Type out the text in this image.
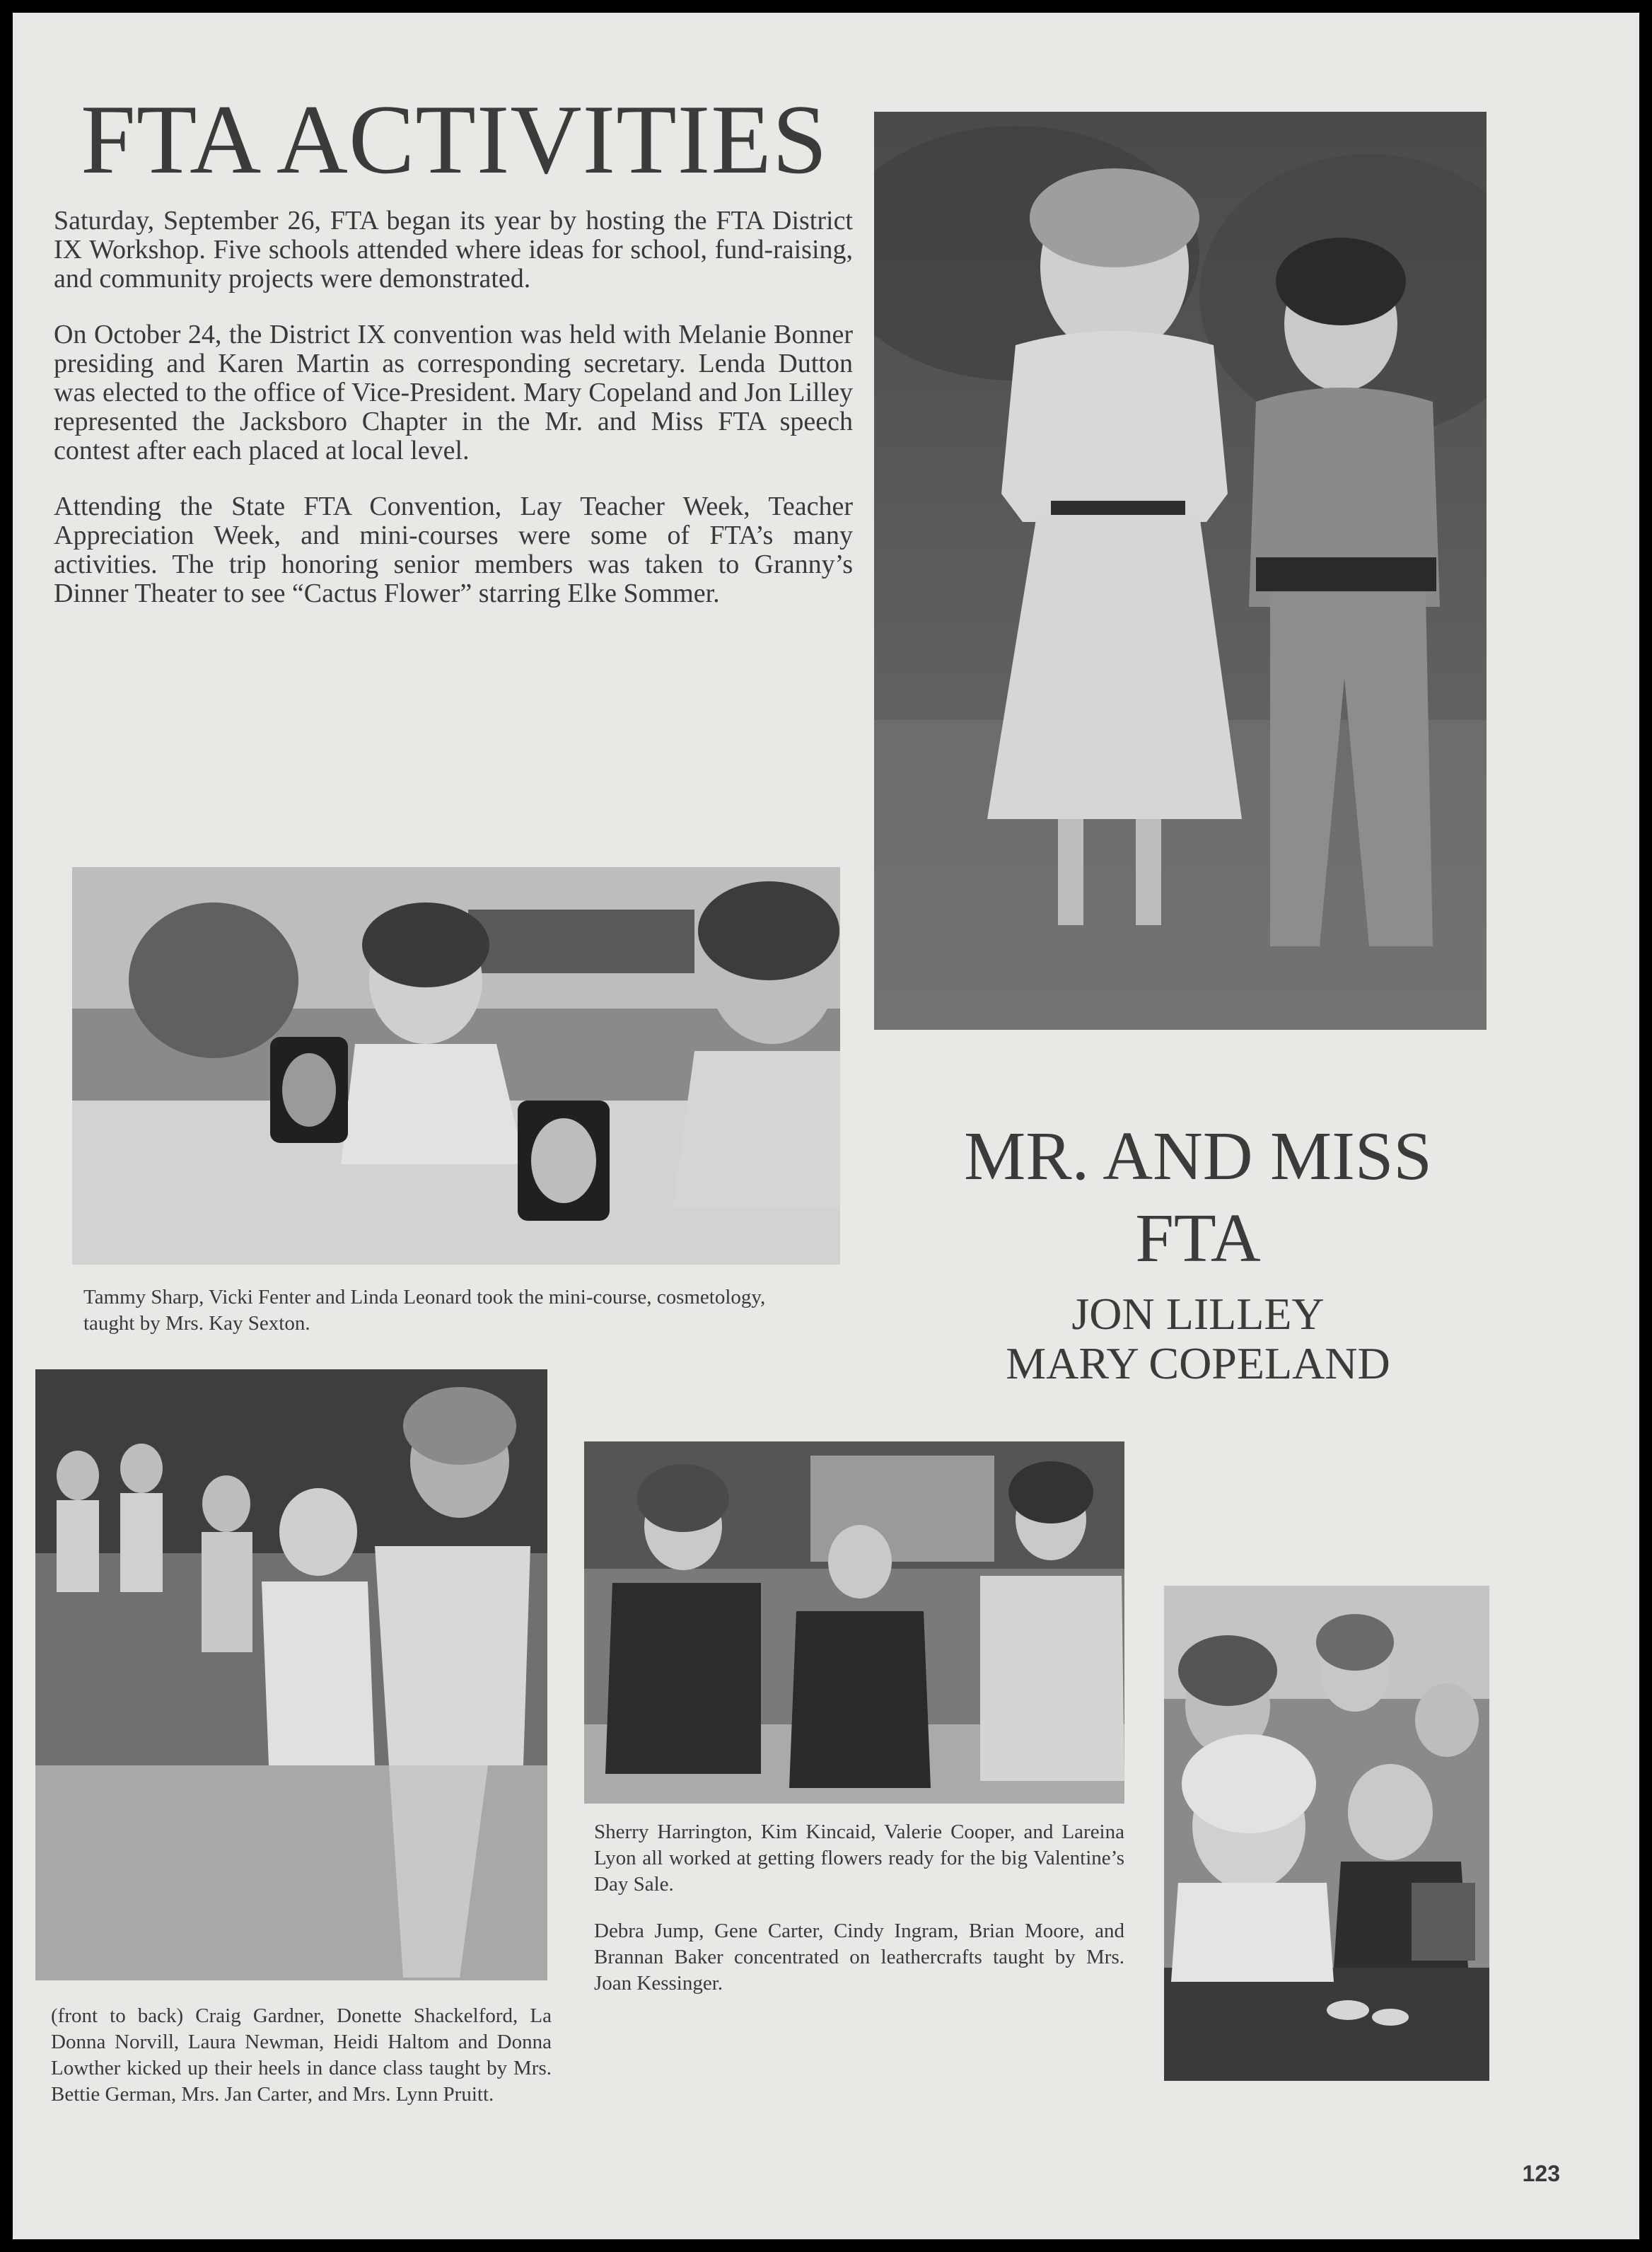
FTA ACTIVITIES

Saturday, September 26, FTA began its year by hosting the FTA District IX Workshop. Five schools attended where ideas for school, fund-raising, and community projects were demonstrated.

On October 24, the District IX convention was held with Melanie Bonner presiding and Karen Martin as corresponding secretary. Lenda Dutton was elected to the office of Vice-President. Mary Copeland and Jon Lilley represented the Jacksboro Chapter in the Mr. and Miss FTA speech contest after each placed at local level.

Attending the State FTA Convention, Lay Teacher Week, Teacher Appreciation Week, and mini-courses were some of FTA’s many activities. The trip honoring senior members was taken to Granny’s Dinner Theater to see “Cactus Flower” starring Elke Sommer.

Tammy Sharp, Vicki Fenter and Linda Leonard took the mini-course, cosmetology, taught by Mrs. Kay Sexton.
MR. AND MISS
FTA
JON LILLEY
MARY COPELAND
(front to back) Craig Gardner, Donette Shackelford, La Donna Norvill, Laura Newman, Heidi Haltom and Donna Lowther kicked up their heels in dance class taught by Mrs. Bettie German, Mrs. Jan Carter, and Mrs. Lynn Pruitt.
Sherry Harrington, Kim Kincaid, Valerie Cooper, and Lareina Lyon all worked at getting flowers ready for the big Valentine’s Day Sale.
Debra Jump, Gene Carter, Cindy Ingram, Brian Moore, and Brannan Baker concentrated on leathercrafts taught by Mrs. Joan Kessinger.
123
